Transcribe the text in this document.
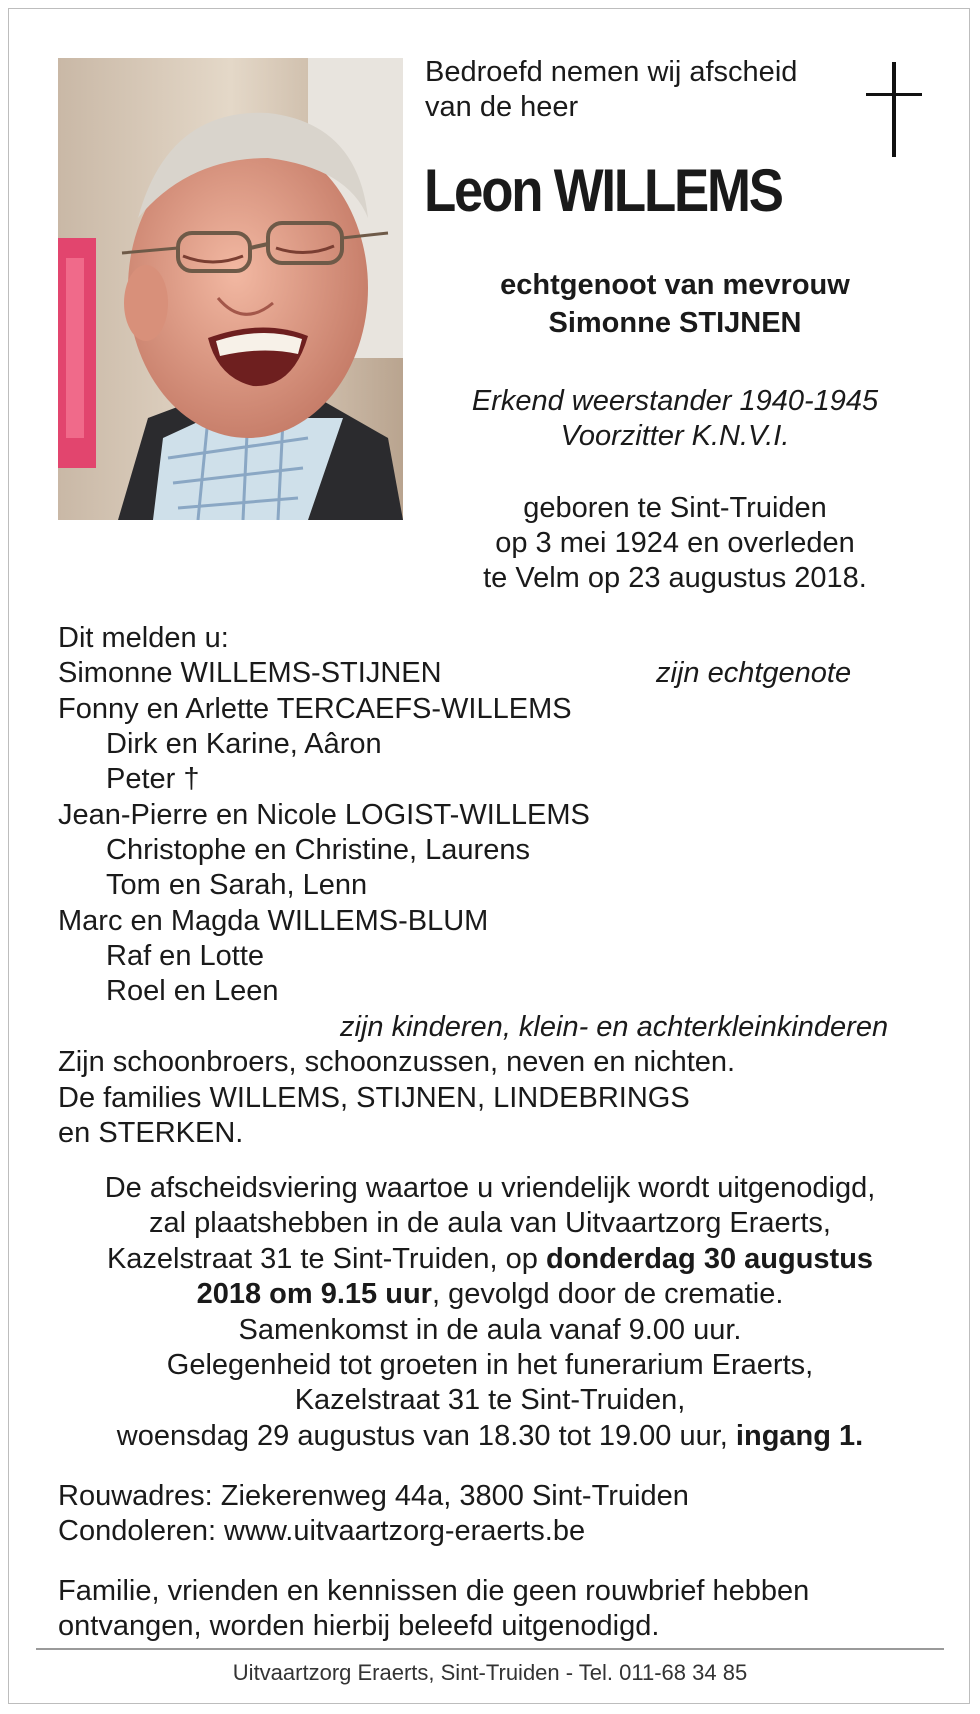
Bedroefd nemen wij afscheid
van de heer
Leon WILLEMS
echtgenoot van mevrouw
Simonne STIJNEN
Erkend weerstander 1940-1945
Voorzitter K.N.V.I.
geboren te Sint-Truiden
op 3 mei 1924 en overleden
te Velm op 23 augustus 2018.
Dit melden u:
Simonne WILLEMS-STIJNEN	zijn echtgenote
Fonny en Arlette TERCAEFS-WILLEMS
Dirk en Karine, Aâron
Peter †
Jean-Pierre en Nicole LOGIST-WILLEMS
Christophe en Christine, Laurens
Tom en Sarah, Lenn
Marc en Magda WILLEMS-BLUM
Raf en Lotte
Roel en Leen
zijn kinderen, klein- en achterkleinkinderen
Zijn schoonbroers, schoonzussen, neven en nichten.
De families WILLEMS, STIJNEN, LINDEBRINGS
en STERKEN.
De afscheidsviering waartoe u vriendelijk wordt uitgenodigd,
zal plaatshebben in de aula van Uitvaartzorg Eraerts,
Kazelstraat 31 te Sint-Truiden, op donderdag 30 augustus
2018 om 9.15 uur, gevolgd door de crematie.
Samenkomst in de aula vanaf 9.00 uur.
Gelegenheid tot groeten in het funerarium Eraerts,
Kazelstraat 31 te Sint-Truiden,
woensdag 29 augustus van 18.30 tot 19.00 uur, ingang 1.
Rouwadres: Ziekerenweg 44a, 3800 Sint-Truiden
Condoleren: www.uitvaartzorg-eraerts.be
Familie, vrienden en kennissen die geen rouwbrief hebben
ontvangen, worden hierbij beleefd uitgenodigd.
Uitvaartzorg Eraerts, Sint-Truiden - Tel. 011-68 34 85
